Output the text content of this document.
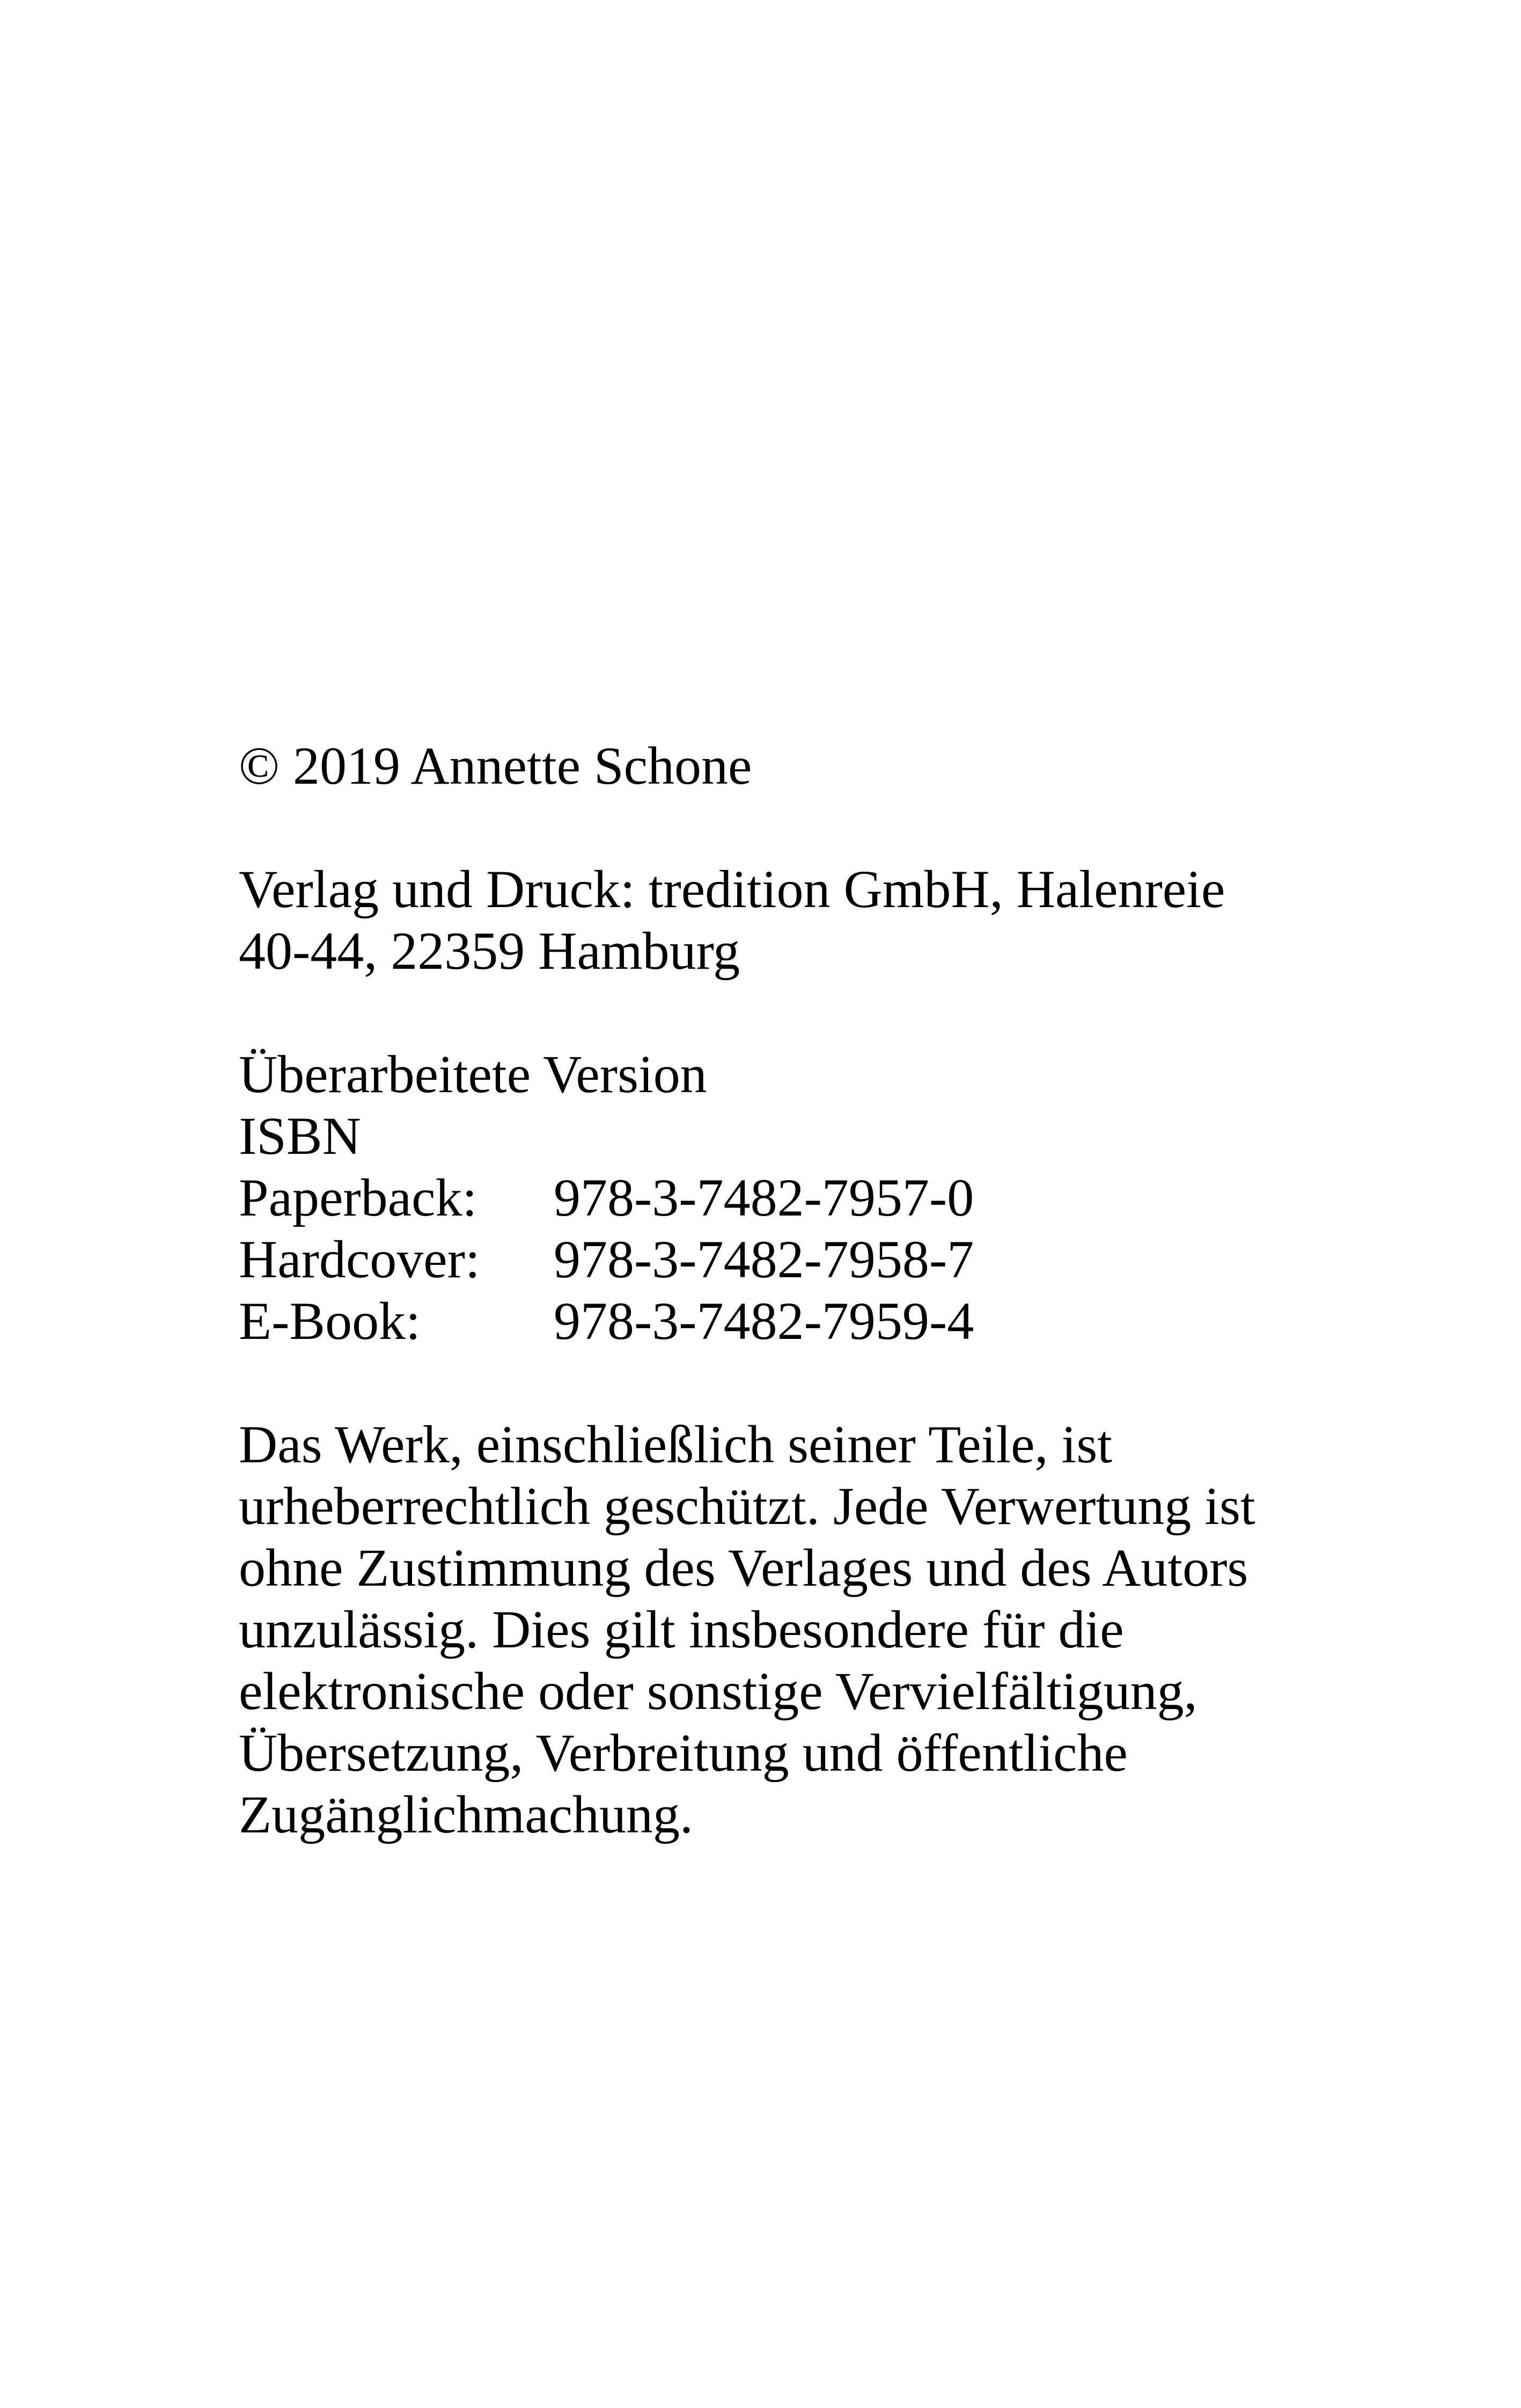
© 2019 Annette Schone
Verlag und Druck: tredition GmbH, Halenreie
40-44, 22359 Hamburg
Überarbeitete Version
ISBN
Paperback: 978-3-7482-7957-0
Hardcover: 978-3-7482-7958-7
E-Book: 978-3-7482-7959-4
Das Werk, einschließlich seiner Teile, ist
urheberrechtlich geschützt. Jede Verwertung ist
ohne Zustimmung des Verlages und des Autors
unzulässig. Dies gilt insbesondere für die
elektronische oder sonstige Vervielfältigung,
Übersetzung, Verbreitung und öffentliche
Zugänglichmachung.
